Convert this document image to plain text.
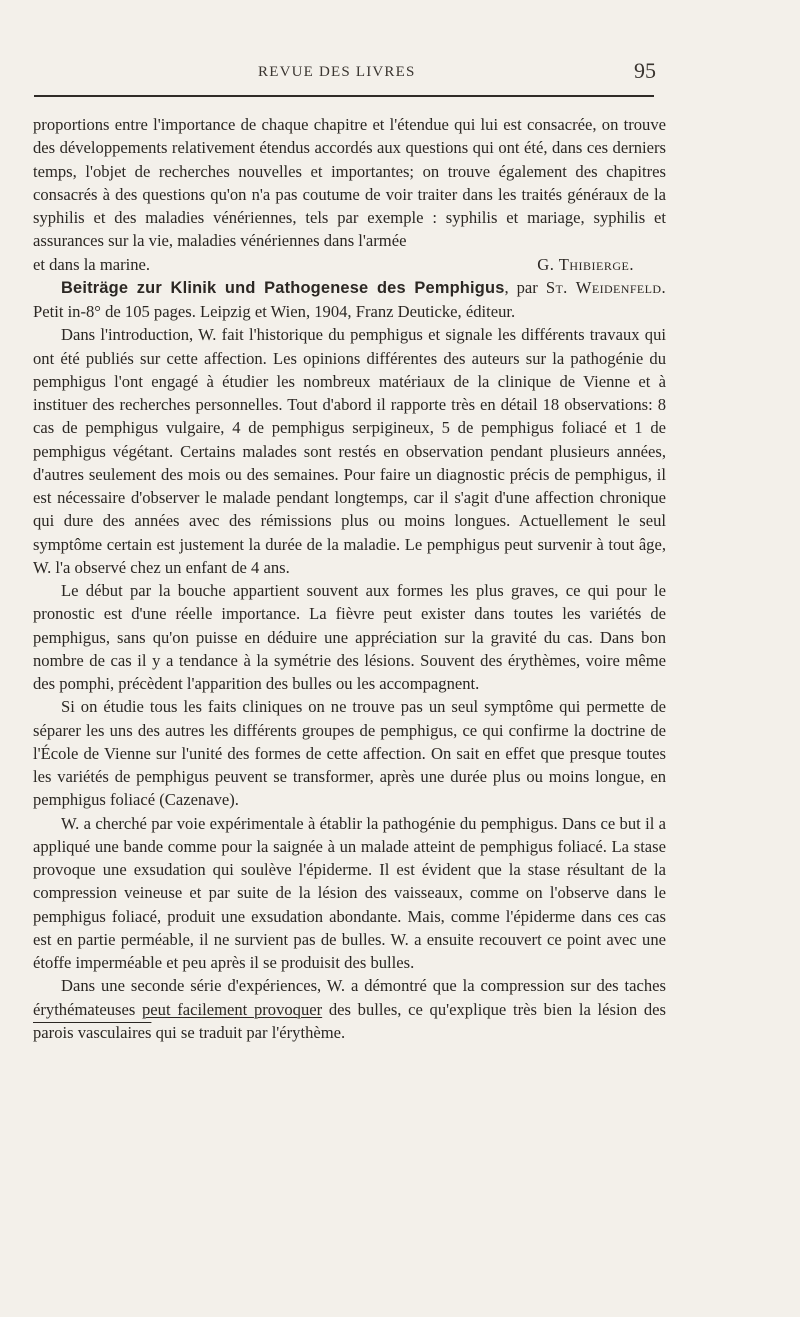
REVUE DES LIVRES	95

proportions entre l'importance de chaque chapitre et l'étendue qui lui est consacrée, on trouve des développements relativement étendus accordés aux questions qui ont été, dans ces derniers temps, l'objet de recherches nouvelles et importantes; on trouve également des chapitres consacrés à des questions qu'on n'a pas coutume de voir traiter dans les traités généraux de la syphilis et des maladies vénériennes, tels par exemple : syphilis et mariage, syphilis et assurances sur la vie, maladies vénériennes dans l'armée

et dans la marine.	G. Thibierge.

Beiträge zur Klinik und Pathogenese des Pemphigus, par St. Weidenfeld. Petit in-8° de 105 pages. Leipzig et Wien, 1904, Franz Deuticke, éditeur.

Dans l'introduction, W. fait l'historique du pemphigus et signale les différents travaux qui ont été publiés sur cette affection. Les opinions différentes des auteurs sur la pathogénie du pemphigus l'ont engagé à étudier les nombreux matériaux de la clinique de Vienne et à instituer des recherches personnelles. Tout d'abord il rapporte très en détail 18 observations: 8 cas de pemphigus vulgaire, 4 de pemphigus serpigineux, 5 de pemphigus foliacé et 1 de pemphigus végétant. Certains malades sont restés en observation pendant plusieurs années, d'autres seulement des mois ou des semaines. Pour faire un diagnostic précis de pemphigus, il est nécessaire d'observer le malade pendant longtemps, car il s'agit d'une affection chronique qui dure des années avec des rémissions plus ou moins longues. Actuellement le seul symptôme certain est justement la durée de la maladie. Le pemphigus peut survenir à tout âge, W. l'a observé chez un enfant de 4 ans.

Le début par la bouche appartient souvent aux formes les plus graves, ce qui pour le pronostic est d'une réelle importance. La fièvre peut exister dans toutes les variétés de pemphigus, sans qu'on puisse en déduire une appréciation sur la gravité du cas. Dans bon nombre de cas il y a tendance à la symétrie des lésions. Souvent des érythèmes, voire même des pomphi, précèdent l'apparition des bulles ou les accompagnent.

Si on étudie tous les faits cliniques on ne trouve pas un seul symptôme qui permette de séparer les uns des autres les différents groupes de pemphigus, ce qui confirme la doctrine de l'École de Vienne sur l'unité des formes de cette affection. On sait en effet que presque toutes les variétés de pemphigus peuvent se transformer, après une durée plus ou moins longue, en pemphigus foliacé (Cazenave).

W. a cherché par voie expérimentale à établir la pathogénie du pemphigus. Dans ce but il a appliqué une bande comme pour la saignée à un malade atteint de pemphigus foliacé. La stase provoque une exsudation qui soulève l'épiderme. Il est évident que la stase résultant de la compression veineuse et par suite de la lésion des vaisseaux, comme on l'observe dans le pemphigus foliacé, produit une exsudation abondante. Mais, comme l'épiderme dans ces cas est en partie perméable, il ne survient pas de bulles. W. a ensuite recouvert ce point avec une étoffe imperméable et peu après il se produisit des bulles.

Dans une seconde série d'expériences, W. a démontré que la compression sur des taches érythémateuses peut facilement provoquer des bulles, ce qu'explique très bien la lésion des parois vasculaires qui se traduit par l'érythème.
